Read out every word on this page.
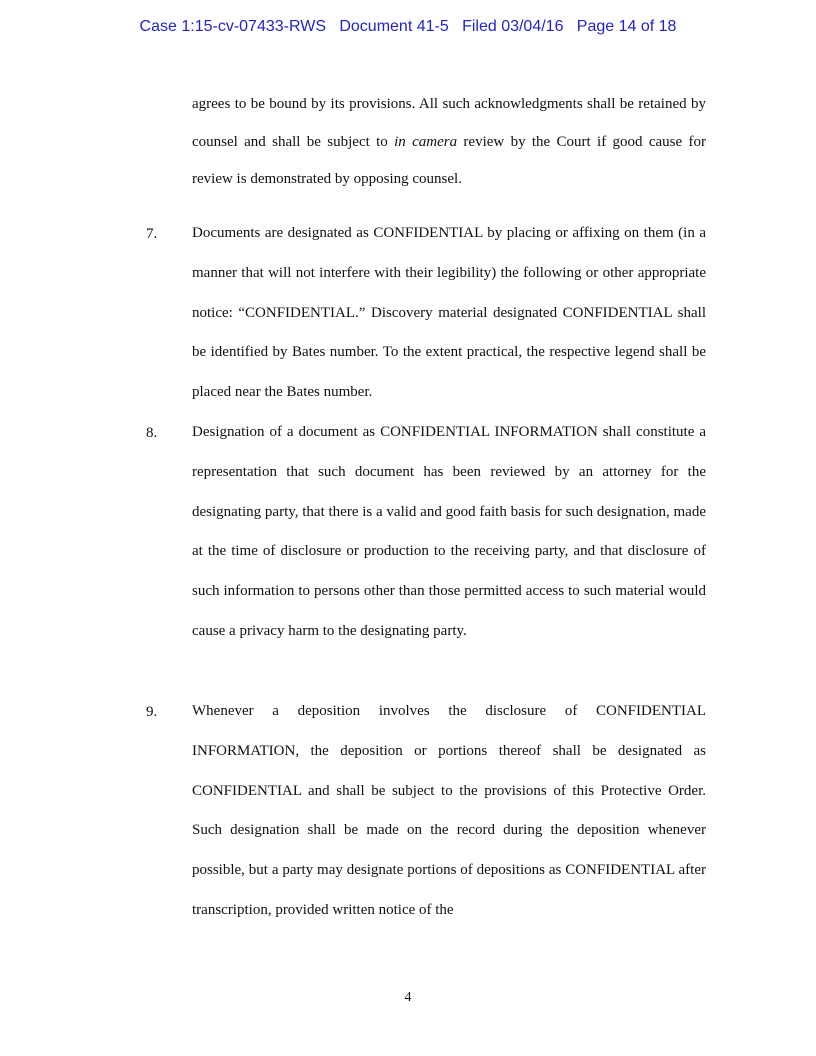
Case 1:15-cv-07433-RWS   Document 41-5   Filed 03/04/16   Page 14 of 18

agrees to be bound by its provisions. All such acknowledgments shall be retained by counsel and shall be subject to in camera review by the Court if good cause for review is demonstrated by opposing counsel.

7. Documents are designated as CONFIDENTIAL by placing or affixing on them (in a manner that will not interfere with their legibility) the following or other appropriate notice: “CONFIDENTIAL.” Discovery material designated CONFIDENTIAL shall be identified by Bates number. To the extent practical, the respective legend shall be placed near the Bates number.

8. Designation of a document as CONFIDENTIAL INFORMATION shall constitute a representation that such document has been reviewed by an attorney for the designating party, that there is a valid and good faith basis for such designation, made at the time of disclosure or production to the receiving party, and that disclosure of such information to persons other than those permitted access to such material would cause a privacy harm to the designating party.

9. Whenever a deposition involves the disclosure of CONFIDENTIAL INFORMATION, the deposition or portions thereof shall be designated as CONFIDENTIAL and shall be subject to the provisions of this Protective Order. Such designation shall be made on the record during the deposition whenever possible, but a party may designate portions of depositions as CONFIDENTIAL after transcription, provided written notice of the

4
